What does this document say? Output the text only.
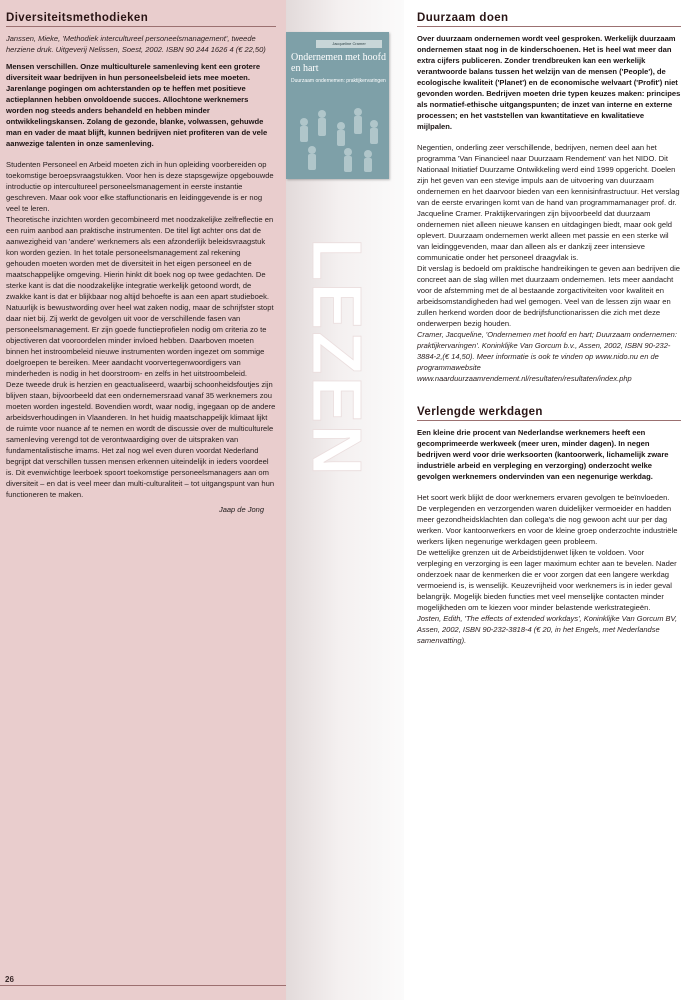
Jacqueline Cramer
Ondernemen met hoofd en hart
Duurzaam ondernemen: praktijkervaringen
LEZEN
Diversiteitsmethodieken

Janssen, Mieke, 'Methodiek intercultureel personeelsmanagement', tweede herziene druk. Uitgeverij Nelissen, Soest, 2002. ISBN 90 244 1626 4 (€ 22,50)

Mensen verschillen. Onze multiculturele samenleving kent een grotere diversiteit waar bedrijven in hun personeelsbeleid iets mee moeten. Jarenlange pogingen om achterstanden op te heffen met positieve actieplannen hebben onvoldoende succes. Allochtone werknemers worden nog steeds anders behandeld en hebben minder ontwikkelingskansen. Zolang de gezonde, blanke, volwassen, gehuwde man en vader de maat blijft, kunnen bedrijven niet profiteren van de vele aanwezige talenten in onze samenleving.

Studenten Personeel en Arbeid moeten zich in hun opleiding voorbereiden op toekomstige beroepsvraagstukken. Voor hen is deze stapsgewijze opgebouwde introductie op intercultureel personeelsmanagement in eerste instantie geschreven. Maar ook voor elke staffunctionaris en leidinggevende is er nog veel te leren.

Theoretische inzichten worden gecombineerd met noodzakelijke zelfreflectie en een ruim aanbod aan praktische instrumenten. De titel ligt achter ons dat de aanwezigheid van 'andere' werknemers als een afzonderlijk beleidsvraagstuk kon worden gezien. In het totale personeelsmanagement zal rekening gehouden moeten worden met de diversiteit in het eigen personeel en de maatschappelijke omgeving. Hierin hinkt dit boek nog op twee gedachten. De sterke kant is dat die noodzakelijke integratie werkelijk getoond wordt, de zwakke kant is dat er blijkbaar nog altijd behoefte is aan een apart studieboek. Natuurlijk is bewustwording over heel wat zaken nodig, maar de schrijfster stopt daar niet bij. Zij werkt de gevolgen uit voor de verschillende fasen van personeelsmanagement. Er zijn goede functieprofielen nodig om criteria zo te objectiveren dat vooroordelen minder invloed hebben. Daarboven moeten binnen het instroombeleid nieuwe instrumenten worden ingezet om sommige doelgroepen te bereiken. Meer aandacht voorvertegenwoordigers van minderheden is nodig in het doorstroom- en zelfs in het uitstroombeleid.

Deze tweede druk is herzien en geactualiseerd, waarbij schoonheidsfoutjes zijn blijven staan, bijvoorbeeld dat een ondernemersraad vanaf 35 werknemers zou moeten worden ingesteld. Bovendien wordt, waar nodig, ingegaan op de andere arbeidsverhoudingen in Vlaanderen. In het huidig maatschappelijk klimaat lijkt de ruimte voor nuance af te nemen en wordt de discussie over de multiculturele samenleving verengd tot de verontwaardiging over de uitspraken van fundamentalistische imams. Het zal nog wel even duren voordat Nederland begrijpt dat verschillen tussen mensen erkennen uiteindelijk in ieders voordeel is. Dit evenwichtige leerboek spoort toekomstige personeelsmanagers aan om diversiteit – en dat is veel meer dan multi-culturaliteit – tot uitgangspunt van hun functioneren te maken.

Jaap de Jong

Duurzaam doen

Over duurzaam ondernemen wordt veel gesproken. Werkelijk duurzaam ondernemen staat nog in de kinderschoenen. Het is heel wat meer dan extra cijfers publiceren. Zonder trendbreuken kan een werkelijk verantwoorde balans tussen het welzijn van de mensen ('People'), de ecologische kwaliteit ('Planet') en de economische welvaart ('Profit') niet gevonden worden. Bedrijven moeten drie typen keuzes maken: principes als normatief-ethische uitgangspunten; de inzet van interne en externe processen; en het vaststellen van kwantitatieve en kwalitatieve mijlpalen.

Negentien, onderling zeer verschillende, bedrijven, nemen deel aan het programma 'Van Financieel naar Duurzaam Rendement' van het NIDO. Dit Nationaal Initiatief Duurzame Ontwikkeling werd eind 1999 opgericht. Doelen zijn het geven van een stevige impuls aan de uitvoering van duurzaam ondernemen en het daarvoor bieden van een kennisinfrastructuur. Het verslag van de eerste ervaringen komt van de hand van programmamanager prof. dr. Jacqueline Cramer. Praktijkervaringen zijn bijvoorbeeld dat duurzaam ondernemen niet alleen nieuwe kansen en uitdagingen biedt, maar ook geld oplevert. Duurzaam ondernemen werkt alleen met passie en een sterke wil van leidinggevenden, maar dan alleen als er dankzij zeer intensieve communicatie onder het personeel draagvlak is.

Dit verslag is bedoeld om praktische handreikingen te geven aan bedrijven die concreet aan de slag willen met duurzaam ondernemen. Iets meer aandacht voor de afstemming met de al bestaande zorgactiviteiten voor kwaliteit en arbeidsomstandigheden had wel gemogen. Veel van de lessen zijn waar en zullen herkend worden door de bedrijfsfunctionarissen die zich met deze onderwerpen bezig houden.

Cramer, Jacqueline, 'Ondernemen met hoofd en hart; Duurzaam ondernemen: praktijkervaringen'. Koninklijke Van Gorcum b.v., Assen, 2002, ISBN 90-232-3884-2,(€ 14,50). Meer informatie is ook te vinden op www.nido.nu en de programmawebsite www.naarduurzaamrendement.nl/resultaten/resultaten/index.php

Verlengde werkdagen

Een kleine drie procent van Nederlandse werknemers heeft een gecomprimeerde werkweek (meer uren, minder dagen). In negen bedrijven werd voor drie werksoorten (kantoorwerk, lichamelijk zware industriële arbeid en verpleging en verzorging) onderzocht welke gevolgen werknemers ondervinden van een negenurige werkdag.

Het soort werk blijkt de door werknemers ervaren gevolgen te beïnvloeden. De verplegenden en verzorgenden waren duidelijker vermoeider en hadden meer gezondheidsklachten dan collega's die nog gewoon acht uur per dag werken. Voor kantoorwerkers en voor de kleine groep onderzochte industriële werkers lijken negenurige werkdagen geen probleem.

De wettelijke grenzen uit de Arbeidstijdenwet lijken te voldoen. Voor verpleging en verzorging is een lager maximum echter aan te bevelen. Nader onderzoek naar de kenmerken die er voor zorgen dat een langere werkdag vermoeiend is, is wenselijk. Keuzevrijheid voor werknemers is in ieder geval belangrijk. Mogelijk bieden functies met veel menselijke contacten minder mogelijkheden om te kiezen voor minder belastende werkstrategieën.

Josten, Edith, 'The effects of extended workdays', Koninklijke Van Gorcum BV, Assen, 2002, ISBN 90-232-3818-4 (€ 20, in het Engels, met Nederlandse samenvatting).

26
